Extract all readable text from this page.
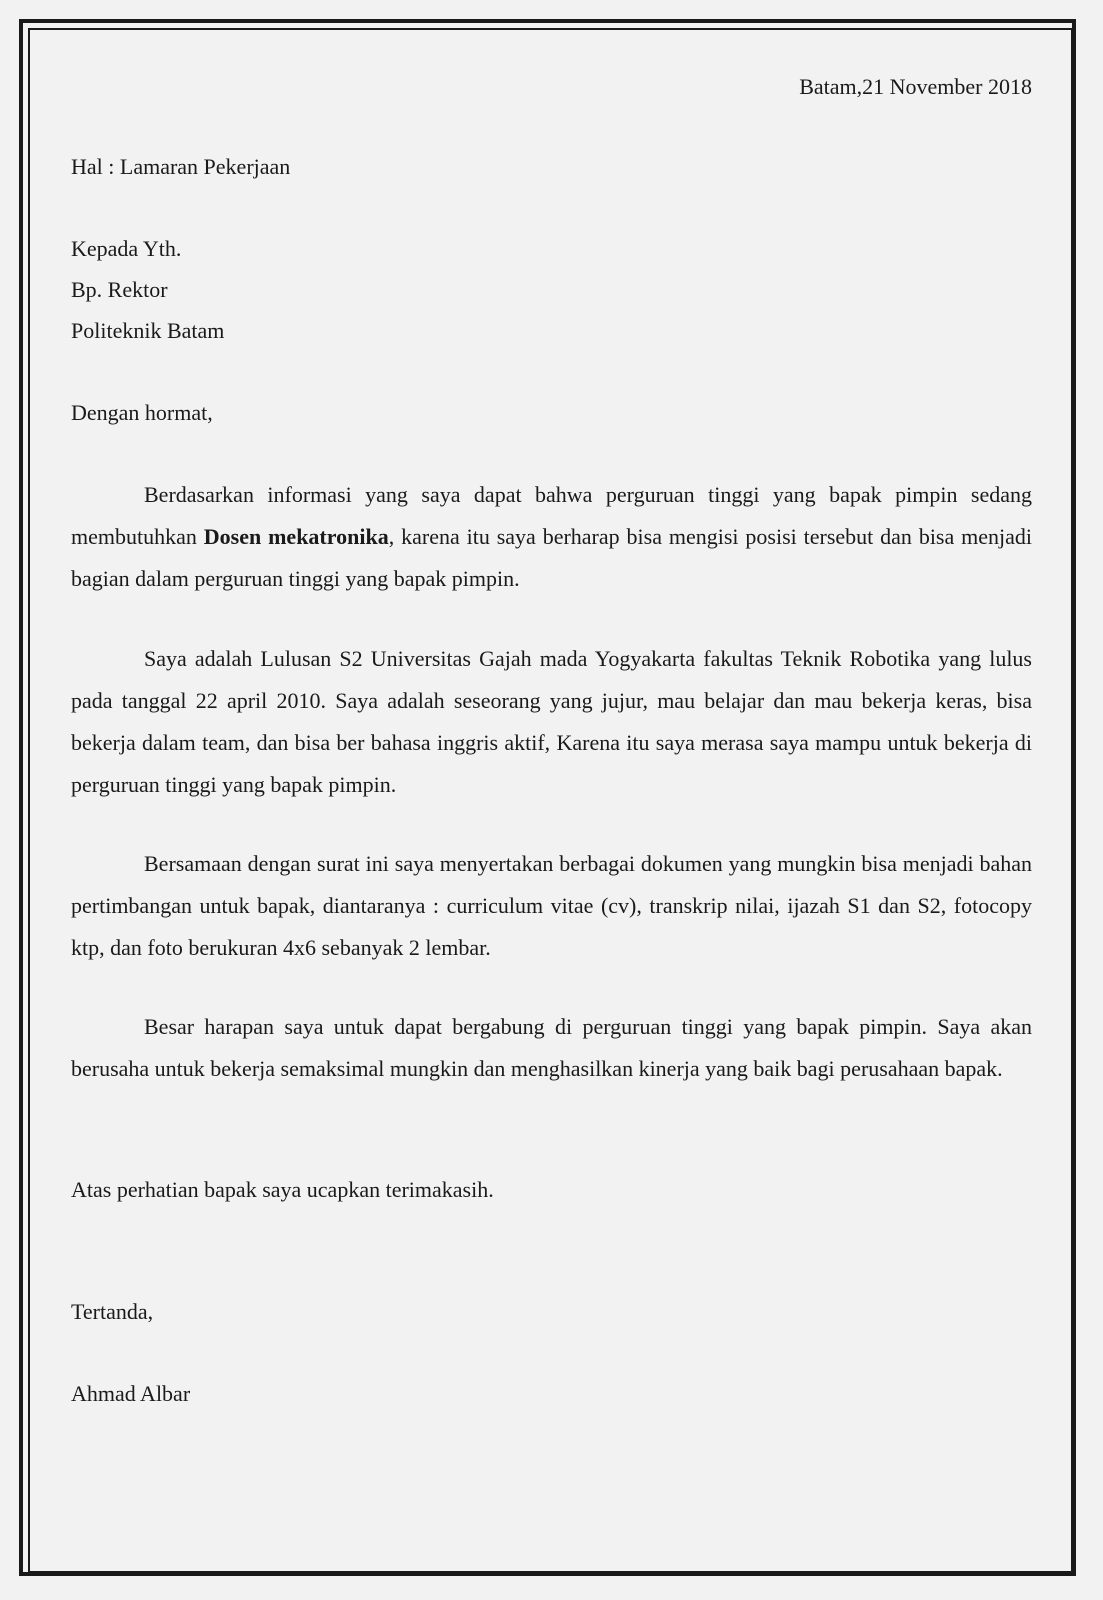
Batam,21 November 2018
Hal : Lamaran Pekerjaan
Kepada Yth.
Bp. Rektor
Politeknik Batam
Dengan hormat,
Berdasarkan informasi yang saya dapat bahwa perguruan tinggi yang bapak pimpin sedang membutuhkan Dosen mekatronika, karena itu saya berharap bisa mengisi posisi tersebut dan bisa menjadi bagian dalam perguruan tinggi yang bapak pimpin.
Saya adalah Lulusan S2 Universitas Gajah mada Yogyakarta fakultas Teknik Robotika yang lulus pada tanggal 22 april 2010. Saya adalah seseorang yang jujur, mau belajar dan mau bekerja keras, bisa bekerja dalam team, dan bisa ber bahasa inggris aktif, Karena itu saya merasa saya mampu untuk bekerja di perguruan tinggi yang bapak pimpin.
Bersamaan dengan surat ini saya menyertakan berbagai dokumen yang mungkin bisa menjadi bahan pertimbangan untuk bapak, diantaranya : curriculum vitae (cv), transkrip nilai, ijazah S1 dan S2, fotocopy ktp, dan foto berukuran 4x6 sebanyak 2 lembar.
Besar harapan saya untuk dapat bergabung di perguruan tinggi yang bapak pimpin. Saya akan berusaha untuk bekerja semaksimal mungkin dan menghasilkan kinerja yang baik bagi perusahaan bapak.
Atas perhatian bapak saya ucapkan terimakasih.
Tertanda,
Ahmad Albar
